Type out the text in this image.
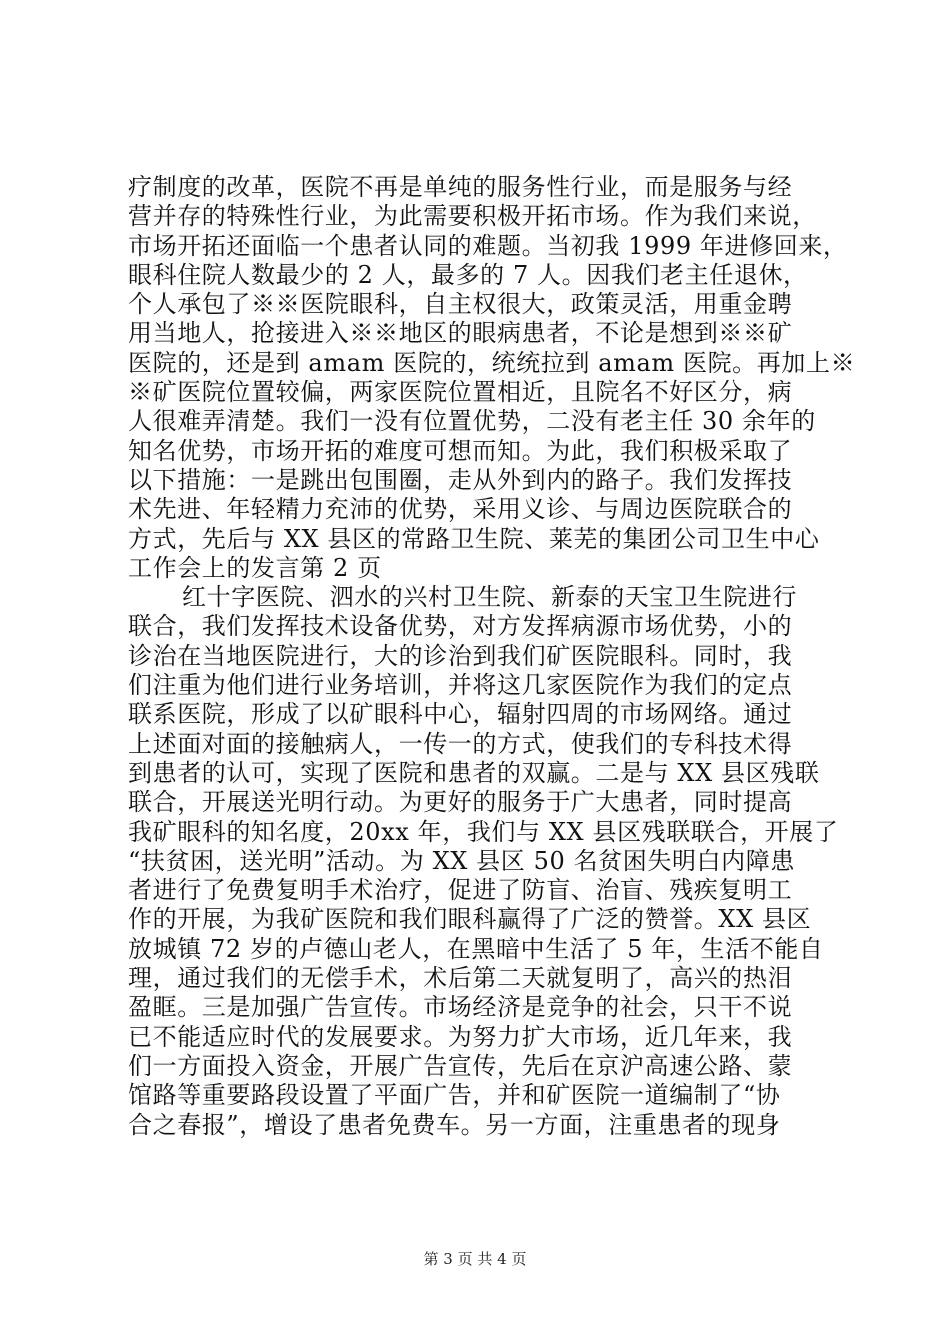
疗制度的改革，医院不再是单纯的服务性行业，而是服务与经
营并存的特殊性行业，为此需要积极开拓市场。作为我们来说，
市场开拓还面临一个患者认同的难题。当初我 1999 年进修回来，
眼科住院人数最少的 2 人，最多的 7 人。因我们老主任退休，
个人承包了※※医院眼科，自主权很大，政策灵活，用重金聘
用当地人，抢接进入※※地区的眼病患者，不论是想到※※矿
医院的，还是到 amam 医院的，统统拉到 amam 医院。再加上※
※矿医院位置较偏，两家医院位置相近，且院名不好区分，病
人很难弄清楚。我们一没有位置优势，二没有老主任 30 余年的
知名优势，市场开拓的难度可想而知。为此，我们积极采取了
以下措施：一是跳出包围圈，走从外到内的路子。我们发挥技
术先进、年轻精力充沛的优势，采用义诊、与周边医院联合的
方式，先后与 XX 县区的常路卫生院、莱芜的集团公司卫生中心
工作会上的发言第 2 页
红十字医院、泗水的兴村卫生院、新泰的天宝卫生院进行
联合，我们发挥技术设备优势，对方发挥病源市场优势，小的
诊治在当地医院进行，大的诊治到我们矿医院眼科。同时，我
们注重为他们进行业务培训，并将这几家医院作为我们的定点
联系医院，形成了以矿眼科中心，辐射四周的市场网络。通过
上述面对面的接触病人，一传一的方式，使我们的专科技术得
到患者的认可，实现了医院和患者的双赢。二是与 XX 县区残联
联合，开展送光明行动。为更好的服务于广大患者，同时提高
我矿眼科的知名度，20xx 年，我们与 XX 县区残联联合，开展了
“扶贫困，送光明”活动。为 XX 县区 50 名贫困失明白内障患
者进行了免费复明手术治疗，促进了防盲、治盲、残疾复明工
作的开展，为我矿医院和我们眼科赢得了广泛的赞誉。XX 县区
放城镇 72 岁的卢德山老人，在黑暗中生活了 5 年，生活不能自
理，通过我们的无偿手术，术后第二天就复明了，高兴的热泪
盈眶。三是加强广告宣传。市场经济是竞争的社会，只干不说
已不能适应时代的发展要求。为努力扩大市场，近几年来，我
们一方面投入资金，开展广告宣传，先后在京沪高速公路、蒙
馆路等重要路段设置了平面广告，并和矿医院一道编制了“协
合之春报”，增设了患者免费车。另一方面，注重患者的现身
第 3 页 共 4 页
